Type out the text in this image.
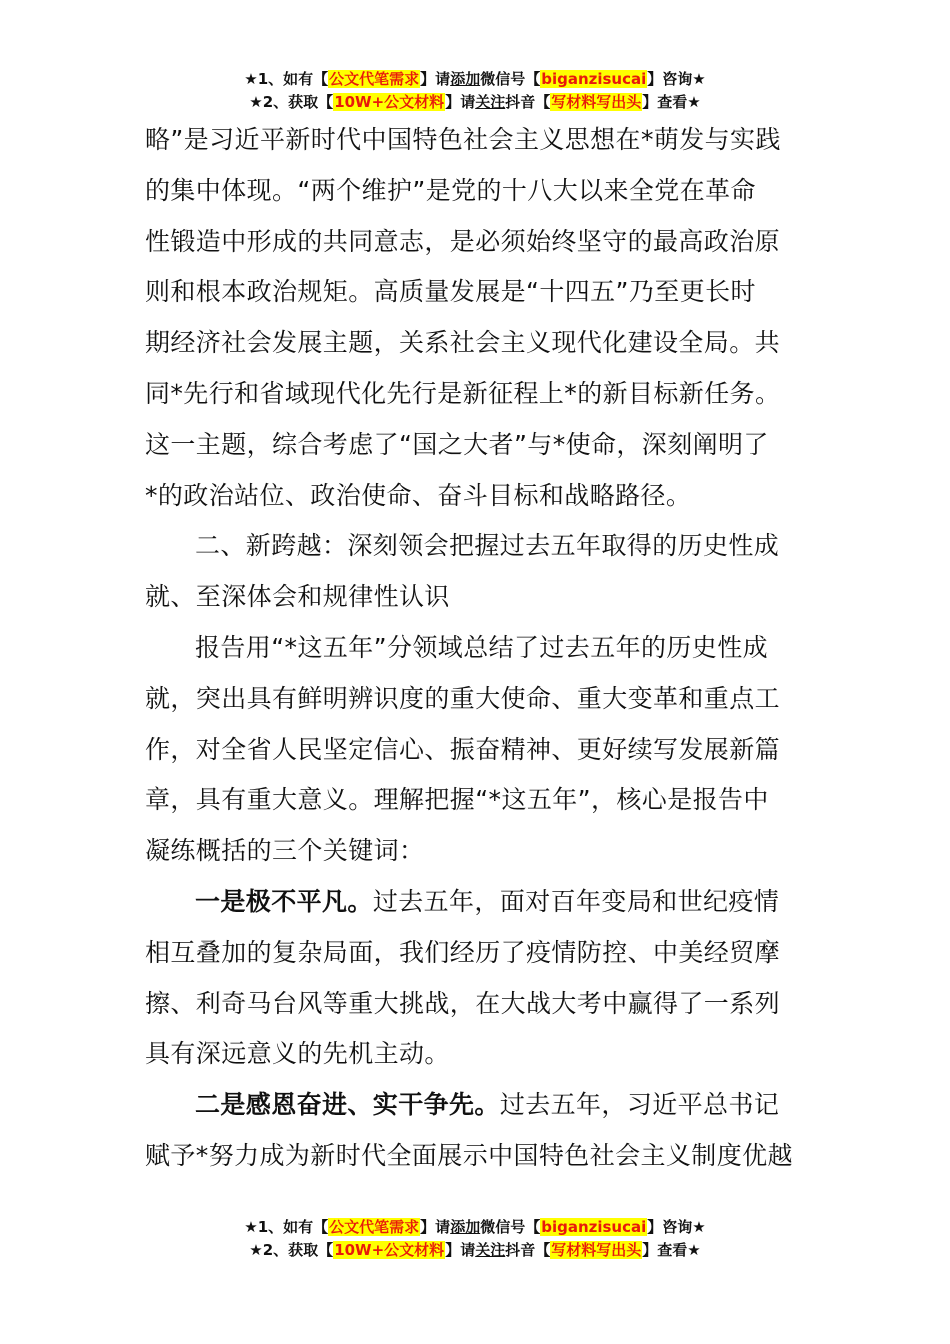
★1、如有【公文代笔需求】请添加微信号【biganzisucai】咨询★
★2、获取【10W+公文材料】请关注抖音【写材料写出头】查看★
略”是习近平新时代中国特色社会主义思想在*萌发与实践
的集中体现。“两个维护”是党的十八大以来全党在革命
性锻造中形成的共同意志，是必须始终坚守的最高政治原
则和根本政治规矩。高质量发展是“十四五”乃至更长时
期经济社会发展主题，关系社会主义现代化建设全局。共
同*先行和省域现代化先行是新征程上*的新目标新任务。
这一主题，综合考虑了“国之大者”与*使命，深刻阐明了
*的政治站位、政治使命、奋斗目标和战略路径。
二、新跨越：深刻领会把握过去五年取得的历史性成
就、至深体会和规律性认识
报告用“*这五年”分领域总结了过去五年的历史性成
就，突出具有鲜明辨识度的重大使命、重大变革和重点工
作，对全省人民坚定信心、振奋精神、更好续写发展新篇
章，具有重大意义。理解把握“*这五年”，核心是报告中
凝练概括的三个关键词：
一是极不平凡。过去五年，面对百年变局和世纪疫情
相互叠加的复杂局面，我们经历了疫情防控、中美经贸摩
擦、利奇马台风等重大挑战，在大战大考中赢得了一系列
具有深远意义的先机主动。
二是感恩奋进、实干争先。过去五年，习近平总书记
赋予*努力成为新时代全面展示中国特色社会主义制度优越
★1、如有【公文代笔需求】请添加微信号【biganzisucai】咨询★
★2、获取【10W+公文材料】请关注抖音【写材料写出头】查看★
